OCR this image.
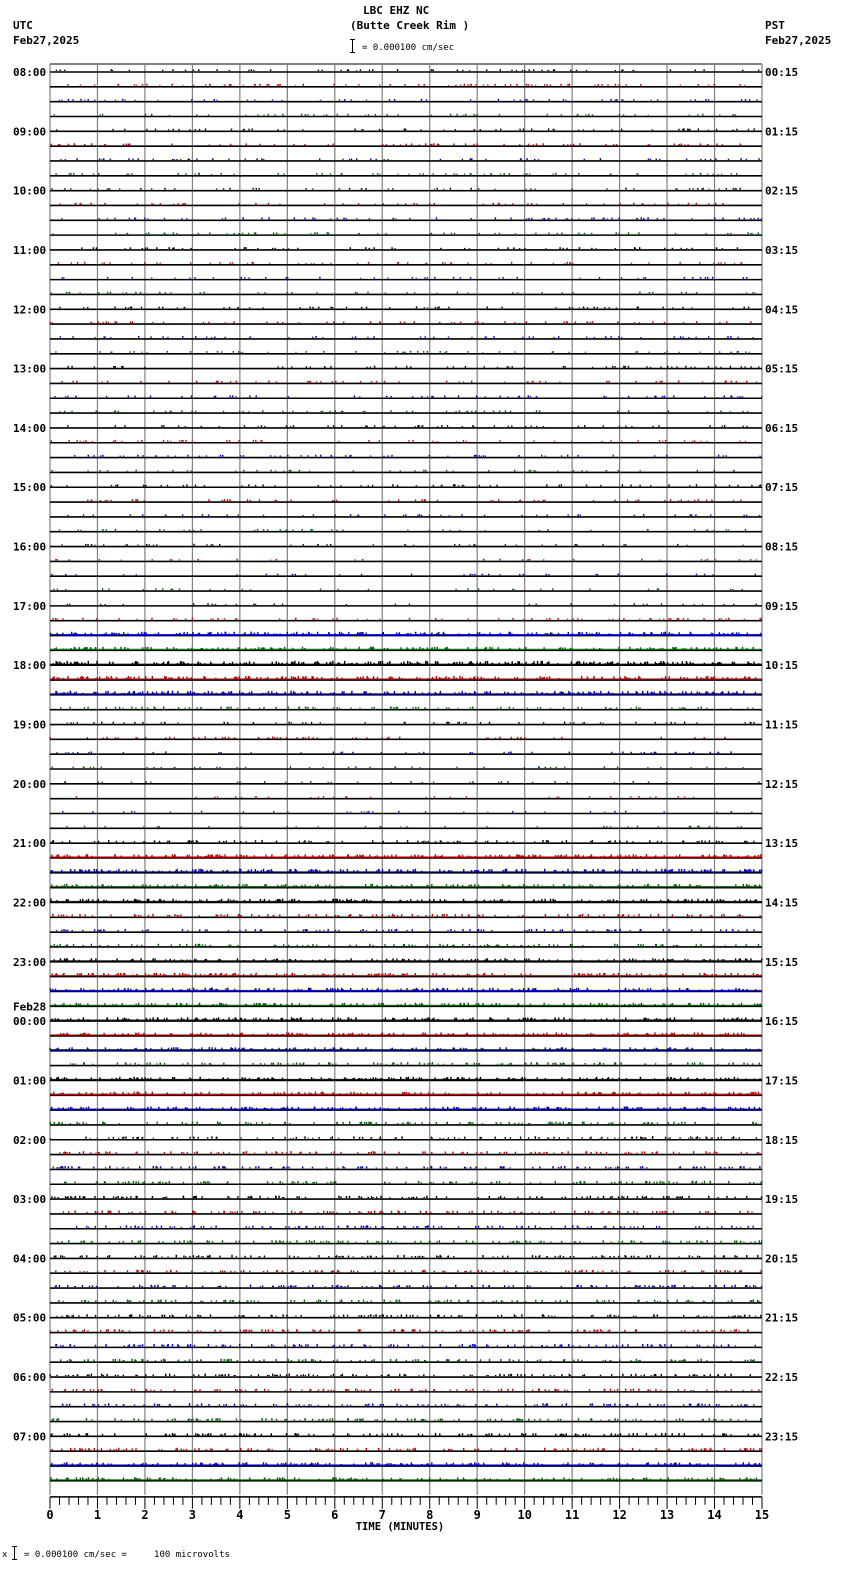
LBC EHZ NC
(Butte Creek Rim )
= 0.000100 cm/sec
UTC
Feb27,2025
PST
Feb27,2025
0	1	2	3	4	5	6	7	8	9	10	11	12	13	14	15
TIME (MINUTES)
08:00
09:00
10:00
11:00
12:00
13:00
14:00
15:00
16:00
17:00
18:00
19:00
20:00
21:00
22:00
23:00
00:00
Feb28
01:00
02:00
03:00
04:00
05:00
06:00
07:00
00:15
01:15
02:15
03:15
04:15
05:15
06:15
07:15
08:15
09:15
10:15
11:15
12:15
13:15
14:15
15:15
16:15
17:15
18:15
19:15
20:15
21:15
22:15
23:15
x = 0.000100 cm/sec =     100 microvolts
